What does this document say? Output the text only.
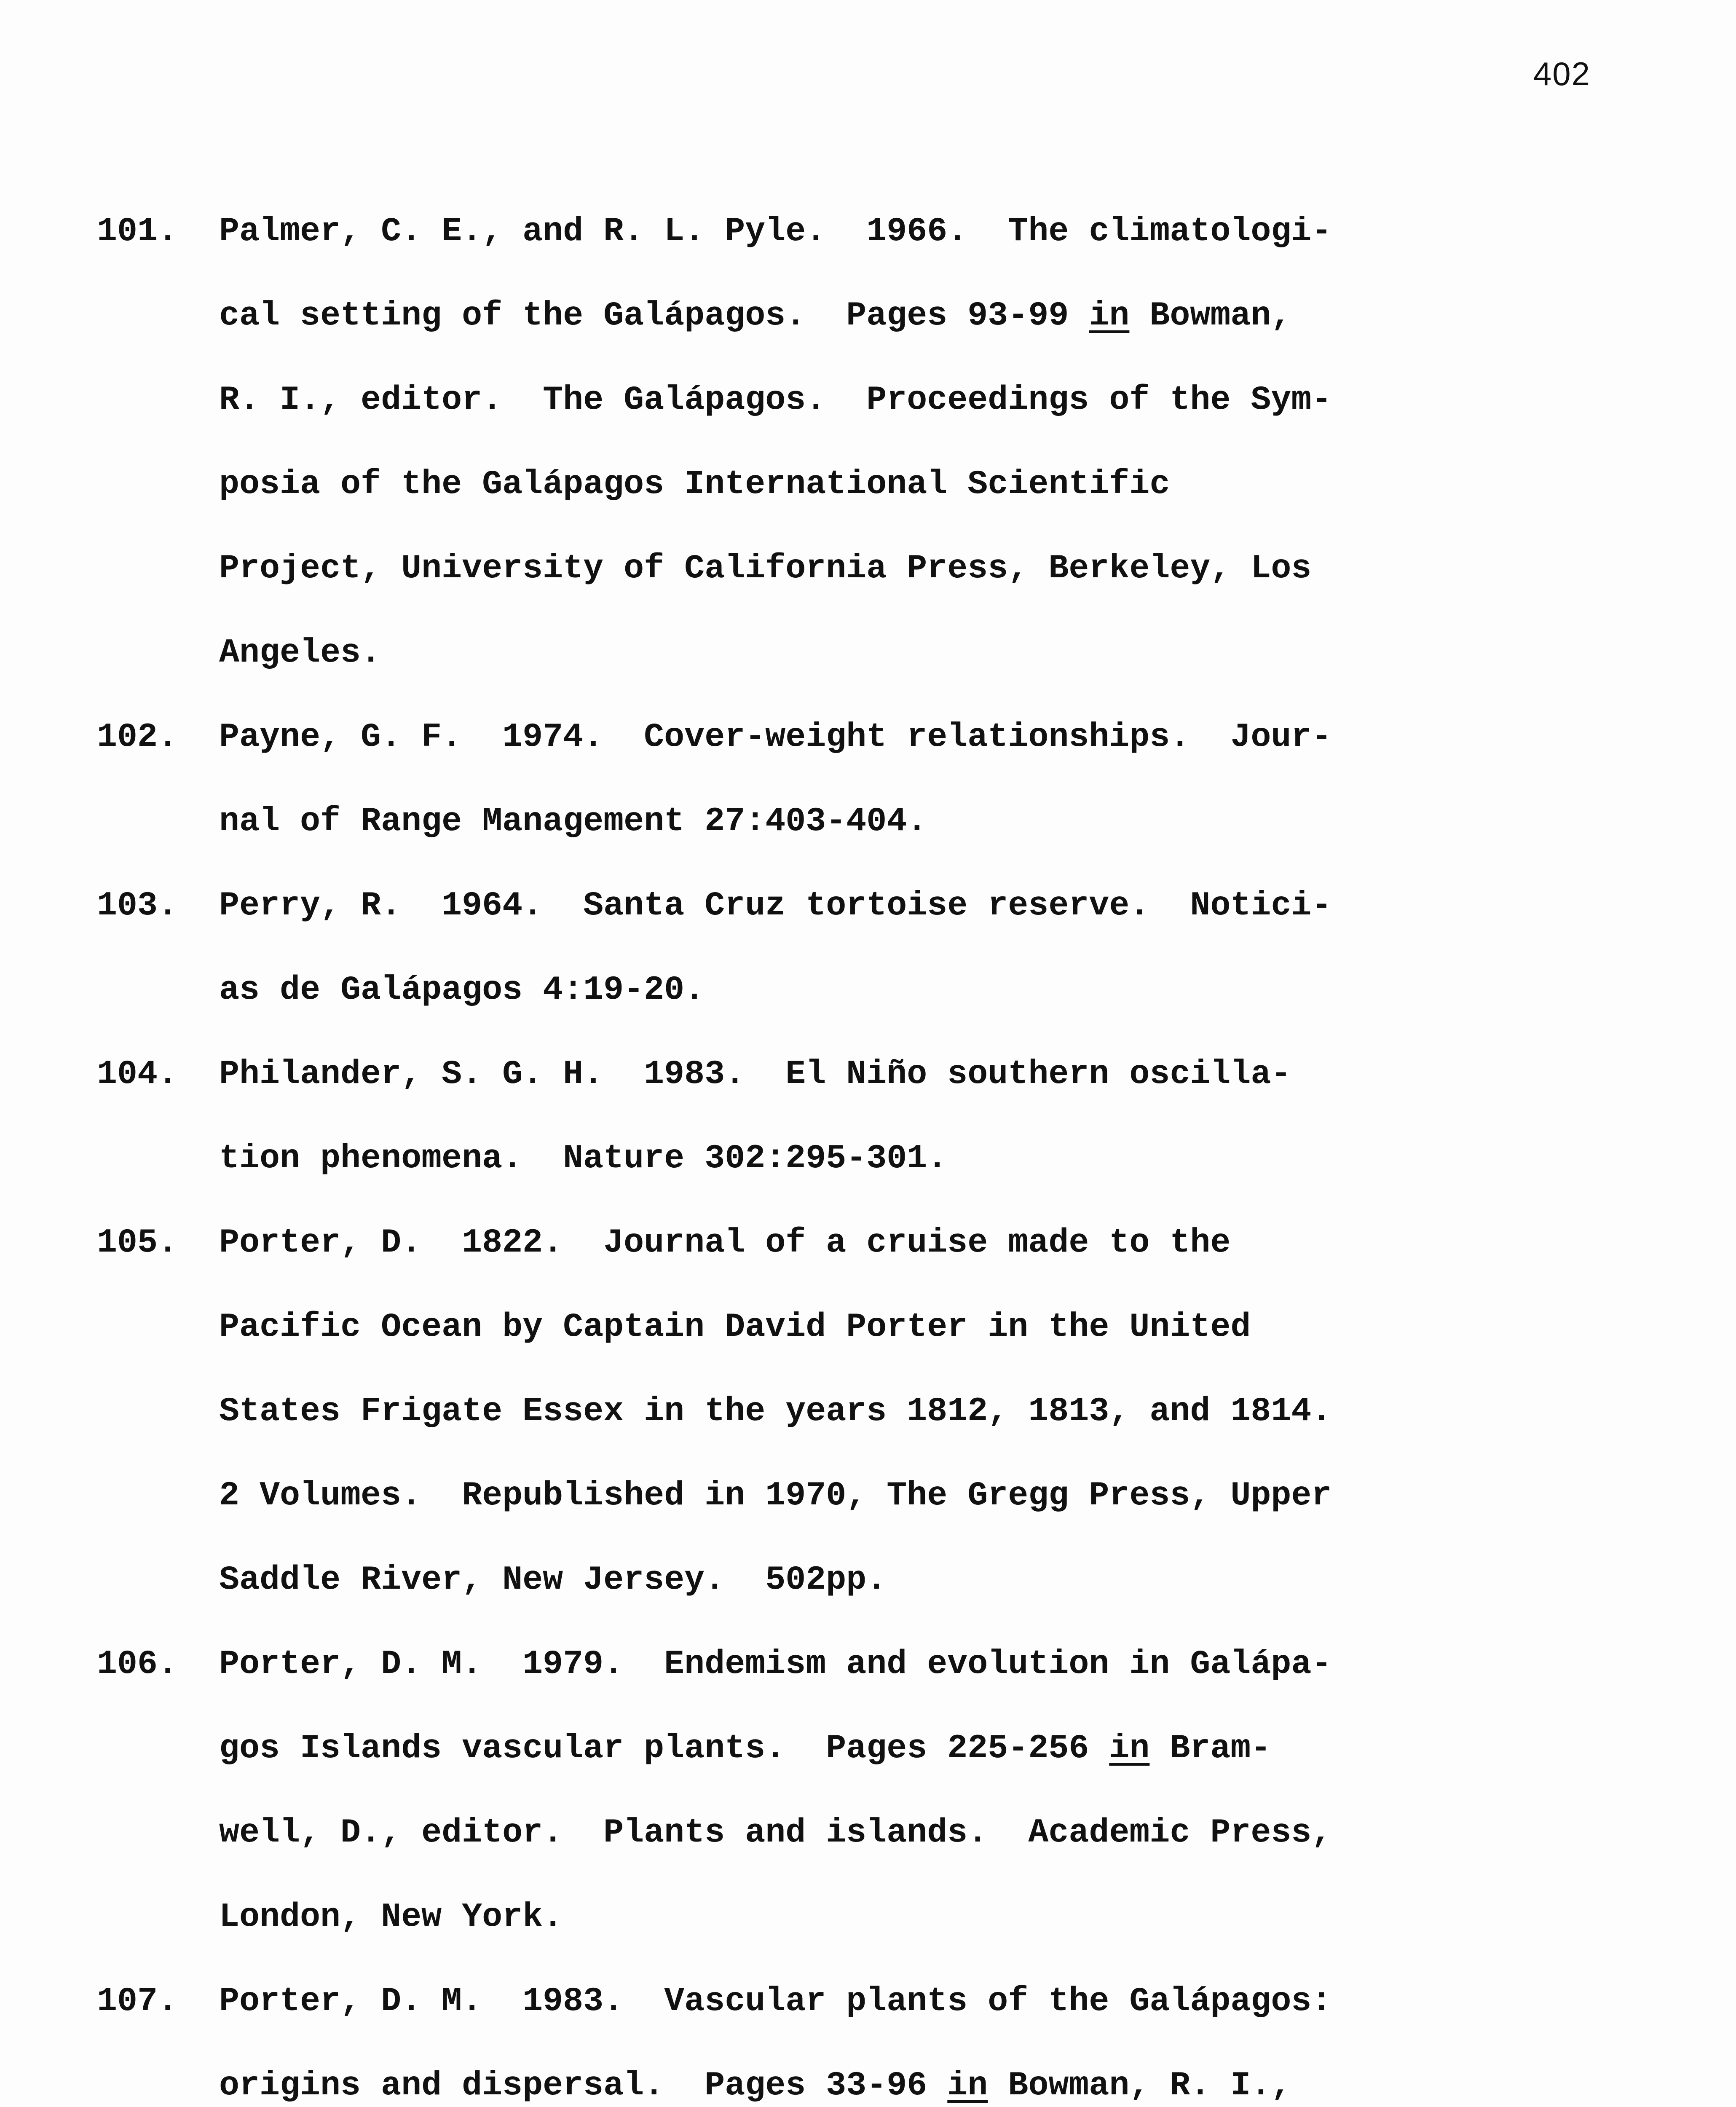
402
101.	Palmer, C. E., and R. L. Pyle.  1966.  The climatologi-
cal setting of the Galápagos.  Pages 93-99 in Bowman,
R. I., editor.  The Galápagos.  Proceedings of the Sym-
posia of the Galápagos International Scientific
Project, University of California Press, Berkeley, Los
Angeles.
102.	Payne, G. F.  1974.  Cover-weight relationships.  Jour-
nal of Range Management 27:403-404.
103.	Perry, R.  1964.  Santa Cruz tortoise reserve.  Notici-
as de Galápagos 4:19-20.
104.	Philander, S. G. H.  1983.  El Niño southern oscilla-
tion phenomena.  Nature 302:295-301.
105.	Porter, D.  1822.  Journal of a cruise made to the
Pacific Ocean by Captain David Porter in the United
States Frigate Essex in the years 1812, 1813, and 1814.
2 Volumes.  Republished in 1970, The Gregg Press, Upper
Saddle River, New Jersey.  502pp.
106.	Porter, D. M.  1979.  Endemism and evolution in Galápa-
gos Islands vascular plants.  Pages 225-256 in Bram-
well, D., editor.  Plants and islands.  Academic Press,
London, New York.
107.	Porter, D. M.  1983.  Vascular plants of the Galápagos:
origins and dispersal.  Pages 33-96 in Bowman, R. I.,
